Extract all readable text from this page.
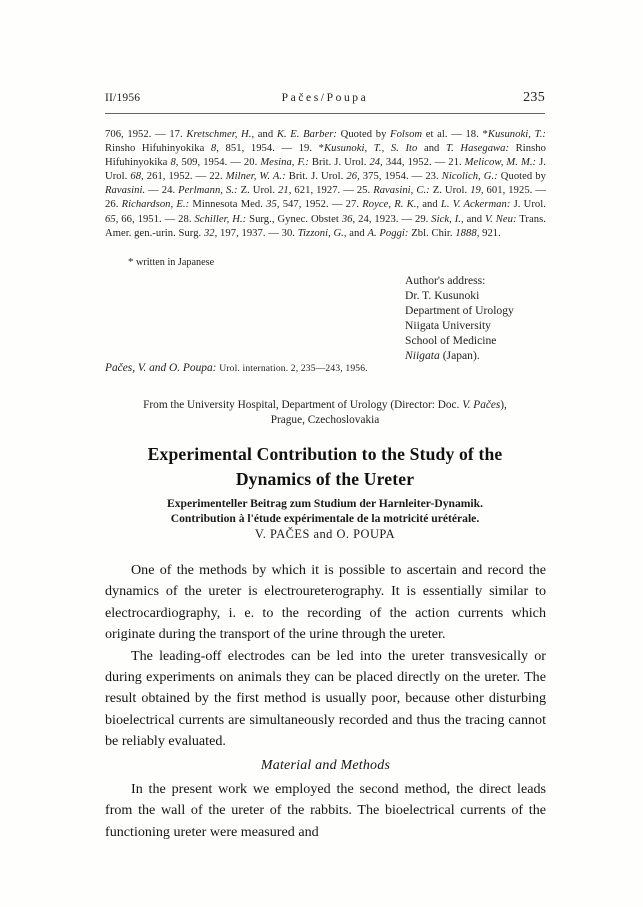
II/1956	Pačes/Poupa	235
706, 1952. — 17. Kretschmer, H., and K. E. Barber: Quoted by Folsom et al. — 18. *Kusunoki, T.: Rinsho Hifuhinyokika 8, 851, 1954. — 19. *Kusunoki, T., S. Ito and T. Hasegawa: Rinsho Hifuhinyokika 8, 509, 1954. — 20. Mesina, F.: Brit. J. Urol. 24, 344, 1952. — 21. Melicow, M. M.: J. Urol. 68, 261, 1952. — 22. Milner, W. A.: Brit. J. Urol. 26, 375, 1954. — 23. Nicolich, G.: Quoted by Ravasini. — 24. Perlmann, S.: Z. Urol. 21, 621, 1927. — 25. Ravasini, C.: Z. Urol. 19, 601, 1925. — 26. Richardson, E.: Minnesota Med. 35, 547, 1952. — 27. Royce, R. K., and L. V. Ackerman: J. Urol. 65, 66, 1951. — 28. Schiller, H.: Surg., Gynec. Obstet 36, 24, 1923. — 29. Sick, I., and V. Neu: Trans. Amer. gen.-urin. Surg. 32, 197, 1937. — 30. Tizzoni, G., and A. Poggi: Zbl. Chir. 1888, 921.
* written in Japanese
Author's address:
Dr. T. Kusunoki
Department of Urology
Niigata University
School of Medicine
Niigata (Japan).
Pačes, V. and O. Poupa: Urol. internation. 2, 235—243, 1956.
From the University Hospital, Department of Urology (Director: Doc. V. Pačes),
Prague, Czechoslovakia
Experimental Contribution to the Study of the
Dynamics of the Ureter
Experimenteller Beitrag zum Studium der Harnleiter-Dynamik.
Contribution à l'étude expérimentale de la motricité urétérale.
V. PAČES and O. POUPA

One of the methods by which it is possible to ascertain and record the dynamics of the ureter is electroureterography. It is essentially similar to electrocardiography, i. e. to the recording of the action currents which originate during the transport of the urine through the ureter.

The leading-off electrodes can be led into the ureter transvesically or during experiments on animals they can be placed directly on the ureter. The result obtained by the first method is usually poor, because other disturbing bioelectrical currents are simultaneously recorded and thus the tracing cannot be reliably evaluated.

Material and Methods

In the present work we employed the second method, the direct leads from the wall of the ureter of the rabbits. The bioelectrical currents of the functioning ureter were measured and
